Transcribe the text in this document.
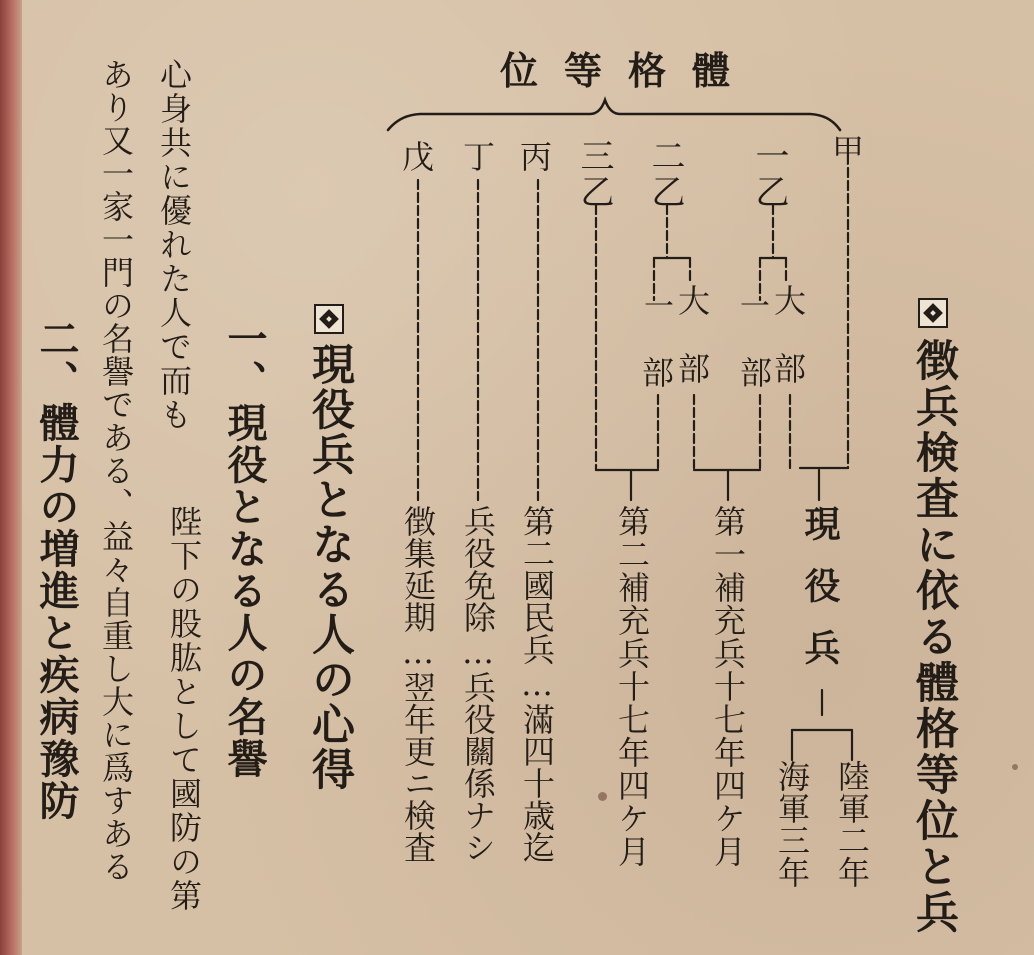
徴兵検査に依る體格等位と兵
體格等位
甲
一乙
二乙
三乙
丙
丁
戊
一 大部
部
一 大部
部
現役兵
陸軍二年
海軍三年
第一補充兵十七年四ケ月
第二補充兵十七年四ケ月
第二國民兵…滿四十歳迄
兵役免除…兵役關係ナシ
徴集延期…翌年更ニ検査
現役兵となる人の心得
一、現役となる人の名譽
陛下の股肱として國防の第
心身共に優れた人で而も
あり又一家一門の名譽である、益々自重し大に爲すある
二、體力の増進と疾病豫防
